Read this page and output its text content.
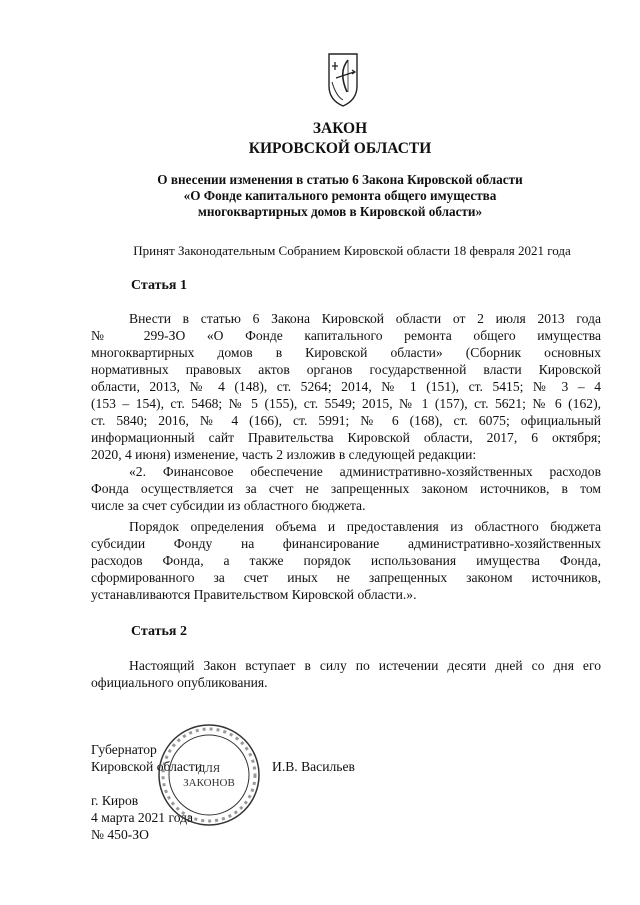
ЗАКОН
КИРОВСКОЙ ОБЛАСТИ
О внесении изменения в статью 6 Закона Кировской области
«О Фонде капитального ремонта общего имущества
многоквартирных домов в Кировской области»
Принят Законодательным Собранием Кировской области 18 февраля 2021 года
Статья 1
Внести в статью 6 Закона Кировской области от 2 июля 2013 года
№ 299-ЗО «О Фонде капитального ремонта общего имущества
многоквартирных домов в Кировской области» (Сборник основных
нормативных правовых актов органов государственной власти Кировской
области, 2013, № 4 (148), ст. 5264; 2014, № 1 (151), ст. 5415; № 3 – 4
(153 – 154), ст. 5468; № 5 (155), ст. 5549; 2015, № 1 (157), ст. 5621; № 6 (162),
ст. 5840; 2016, № 4 (166), ст. 5991; № 6 (168), ст. 6075; официальный
информационный сайт Правительства Кировской области, 2017, 6 октября;
2020, 4 июня) изменение, часть 2 изложив в следующей редакции:
«2. Финансовое обеспечение административно-хозяйственных расходов
Фонда осуществляется за счет не запрещенных законом источников, в том
числе за счет субсидии из областного бюджета.
Порядок определения объема и предоставления из областного бюджета
субсидии Фонду на финансирование административно-хозяйственных
расходов Фонда, а также порядок использования имущества Фонда,
сформированного за счет иных не запрещенных законом источников,
устанавливаются Правительством Кировской области.».
Статья 2
Настоящий Закон вступает в силу по истечении десяти дней со дня его
официального опубликования.
Губернатор
Кировской области	И.В. Васильев
г. Киров
4 марта 2021 года
№ 450-ЗО
ДЛЯ
ЗАКОНОВ
